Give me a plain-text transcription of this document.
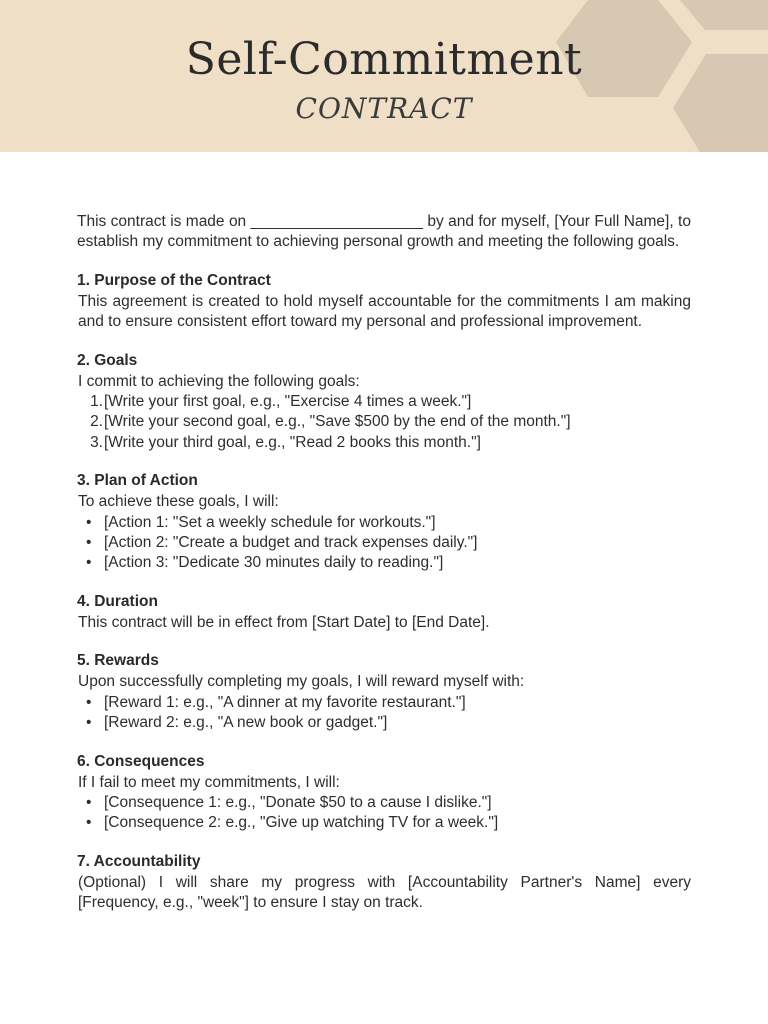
Self-Commitment
CONTRACT

This contract is made on ____________________ by and for myself, [Your Full Name], to establish my commitment to achieving personal growth and meeting the following goals.

1. Purpose of the Contract

This agreement is created to hold myself accountable for the commitments I am making and to ensure consistent effort toward my personal and professional improvement.

2. Goals

I commit to achieving the following goals:

1. [Write your first goal, e.g., "Exercise 4 times a week."]
2. [Write your second goal, e.g., "Save $500 by the end of the month."]
3. [Write your third goal, e.g., "Read 2 books this month."]
3. Plan of Action

To achieve these goals, I will:

• [Action 1: "Set a weekly schedule for workouts."]
• [Action 2: "Create a budget and track expenses daily."]
• [Action 3: "Dedicate 30 minutes daily to reading."]
4. Duration

This contract will be in effect from [Start Date] to [End Date].

5. Rewards

Upon successfully completing my goals, I will reward myself with:

• [Reward 1: e.g., "A dinner at my favorite restaurant."]
• [Reward 2: e.g., "A new book or gadget."]
6. Consequences

If I fail to meet my commitments, I will:

• [Consequence 1: e.g., "Donate $50 to a cause I dislike."]
• [Consequence 2: e.g., "Give up watching TV for a week."]
7. Accountability

(Optional) I will share my progress with [Accountability Partner's Name] every [Frequency, e.g., "week"] to ensure I stay on track.
